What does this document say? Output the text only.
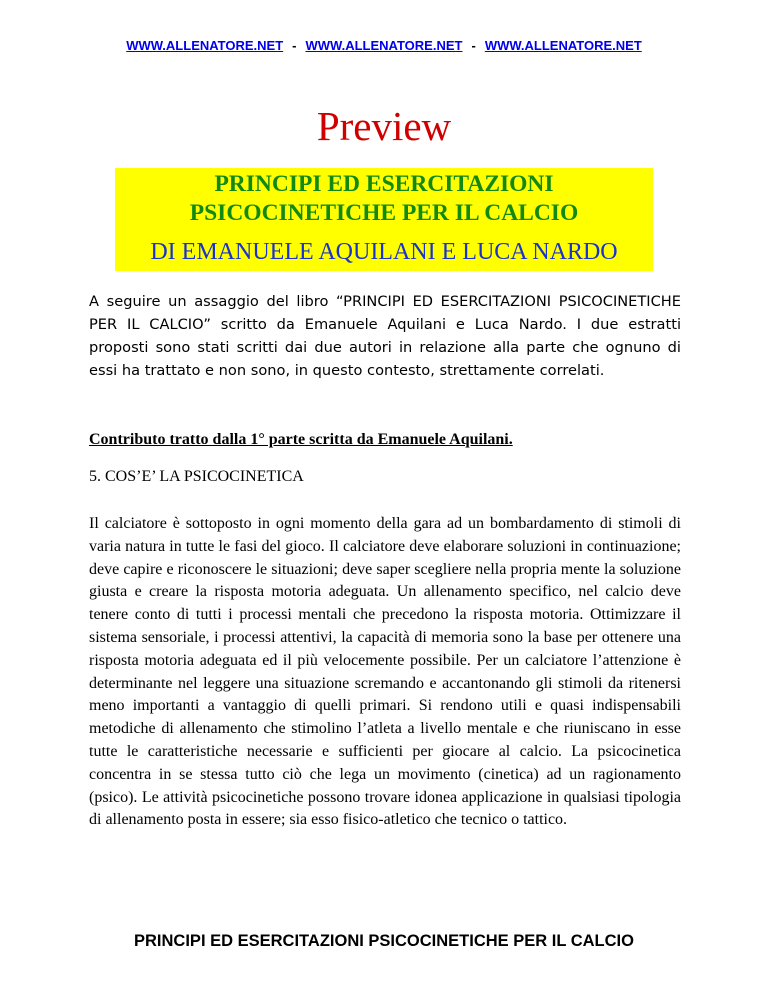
WWW.ALLENATORE.NET - WWW.ALLENATORE.NET - WWW.ALLENATORE.NET
Preview
PRINCIPI ED ESERCITAZIONI
PSICOCINETICHE PER IL CALCIO
DI EMANUELE AQUILANI E LUCA NARDO
A seguire un assaggio del libro “PRINCIPI ED ESERCITAZIONI PSICOCINETICHE PER IL CALCIO” scritto da Emanuele Aquilani e Luca Nardo. I due estratti proposti sono stati scritti dai due autori in relazione alla parte che ognuno di essi ha trattato e non sono, in questo contesto, strettamente correlati.
Contributo tratto dalla 1° parte scritta da Emanuele Aquilani.
5. COS’E’ LA PSICOCINETICA
Il calciatore è sottoposto in ogni momento della gara ad un bombardamento di stimoli di varia natura in tutte le fasi del gioco. Il calciatore deve elaborare soluzioni in continuazione; deve capire e riconoscere le situazioni; deve saper scegliere nella propria mente la soluzione giusta e creare la risposta motoria adeguata. Un allenamento specifico, nel calcio deve tenere conto di tutti i processi mentali che precedono la risposta motoria. Ottimizzare il sistema sensoriale, i processi attentivi, la capacità di memoria sono la base per ottenere una risposta motoria adeguata ed il più velocemente possibile. Per un calciatore l’attenzione è determinante nel leggere una situazione scremando e accantonando gli stimoli da ritenersi meno importanti a vantaggio di quelli primari. Si rendono utili e quasi indispensabili metodiche di allenamento che stimolino l’atleta a livello mentale e che riuniscano in esse tutte le caratteristiche necessarie e sufficienti per giocare al calcio. La psicocinetica concentra in se stessa tutto ciò che lega un movimento (cinetica) ad un ragionamento (psico). Le attività psicocinetiche possono trovare idonea applicazione in qualsiasi tipologia di allenamento posta in essere; sia esso fisico-atletico che tecnico o tattico.
PRINCIPI ED ESERCITAZIONI PSICOCINETICHE PER IL CALCIO
